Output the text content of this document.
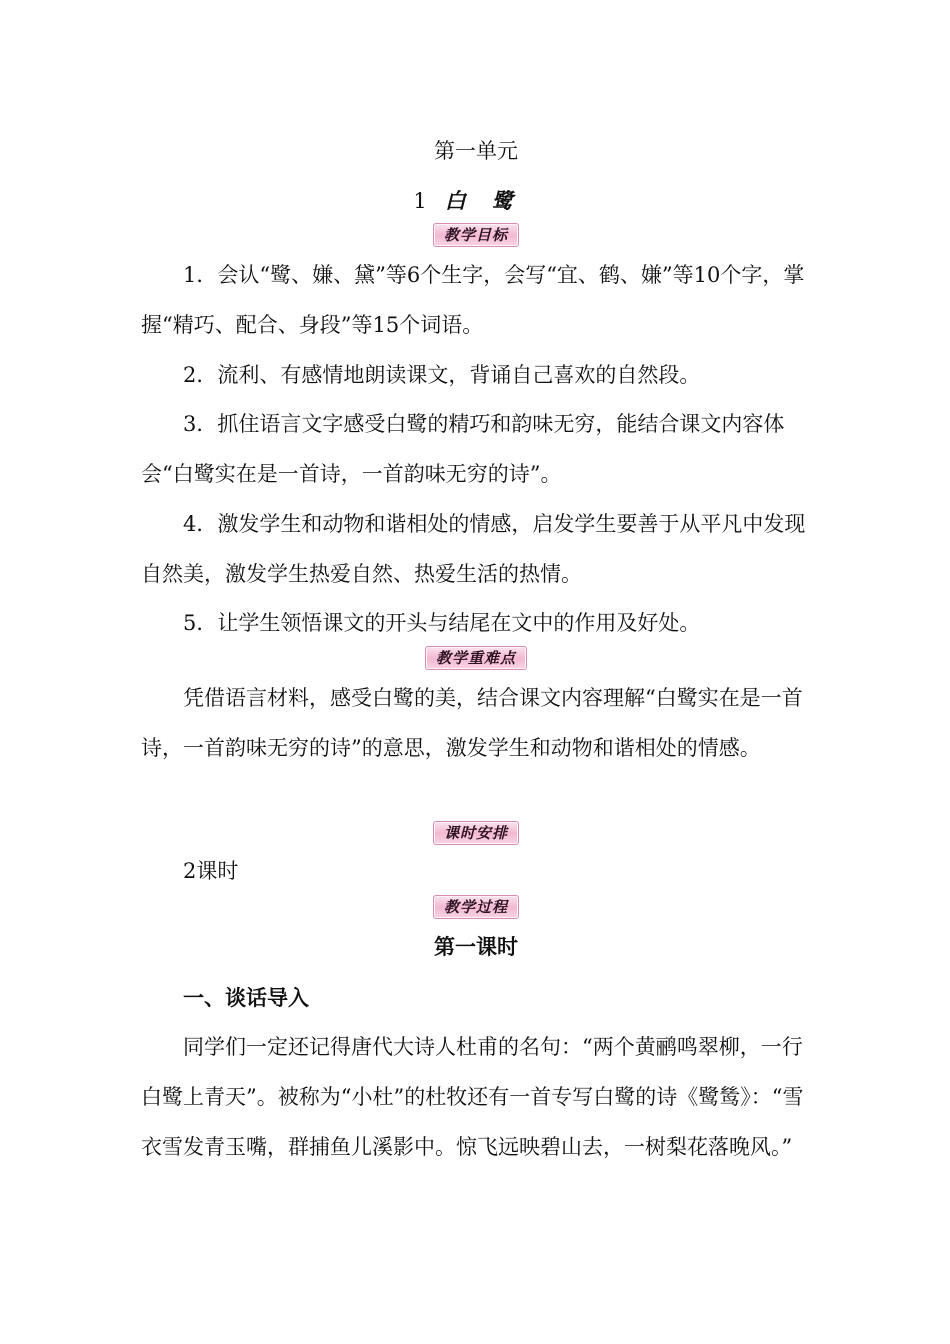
第一单元
1 白鹭
教学目标

1．会认“鹭、嫌、黛”等6个生字，会写“宜、鹤、嫌”等10个字，掌握“精巧、配合、身段”等15个词语。

2．流利、有感情地朗读课文，背诵自己喜欢的自然段。

3．抓住语言文字感受白鹭的精巧和韵味无穷，能结合课文内容体会“白鹭实在是一首诗，一首韵味无穷的诗”。

4．激发学生和动物和谐相处的情感，启发学生要善于从平凡中发现自然美，激发学生热爱自然、热爱生活的热情。

5．让学生领悟课文的开头与结尾在文中的作用及好处。

教学重难点

凭借语言材料，感受白鹭的美，结合课文内容理解“白鹭实在是一首诗，一首韵味无穷的诗”的意思，激发学生和动物和谐相处的情感。

课时安排

2课时

教学过程
第一课时
一、谈话导入

同学们一定还记得唐代大诗人杜甫的名句：“两个黄鹂鸣翠柳，一行白鹭上青天”。被称为“小杜”的杜牧还有一首专写白鹭的诗《鹭鸶》：“雪衣雪发青玉嘴，群捕鱼儿溪影中。惊飞远映碧山去，一树梨花落晚风。”
